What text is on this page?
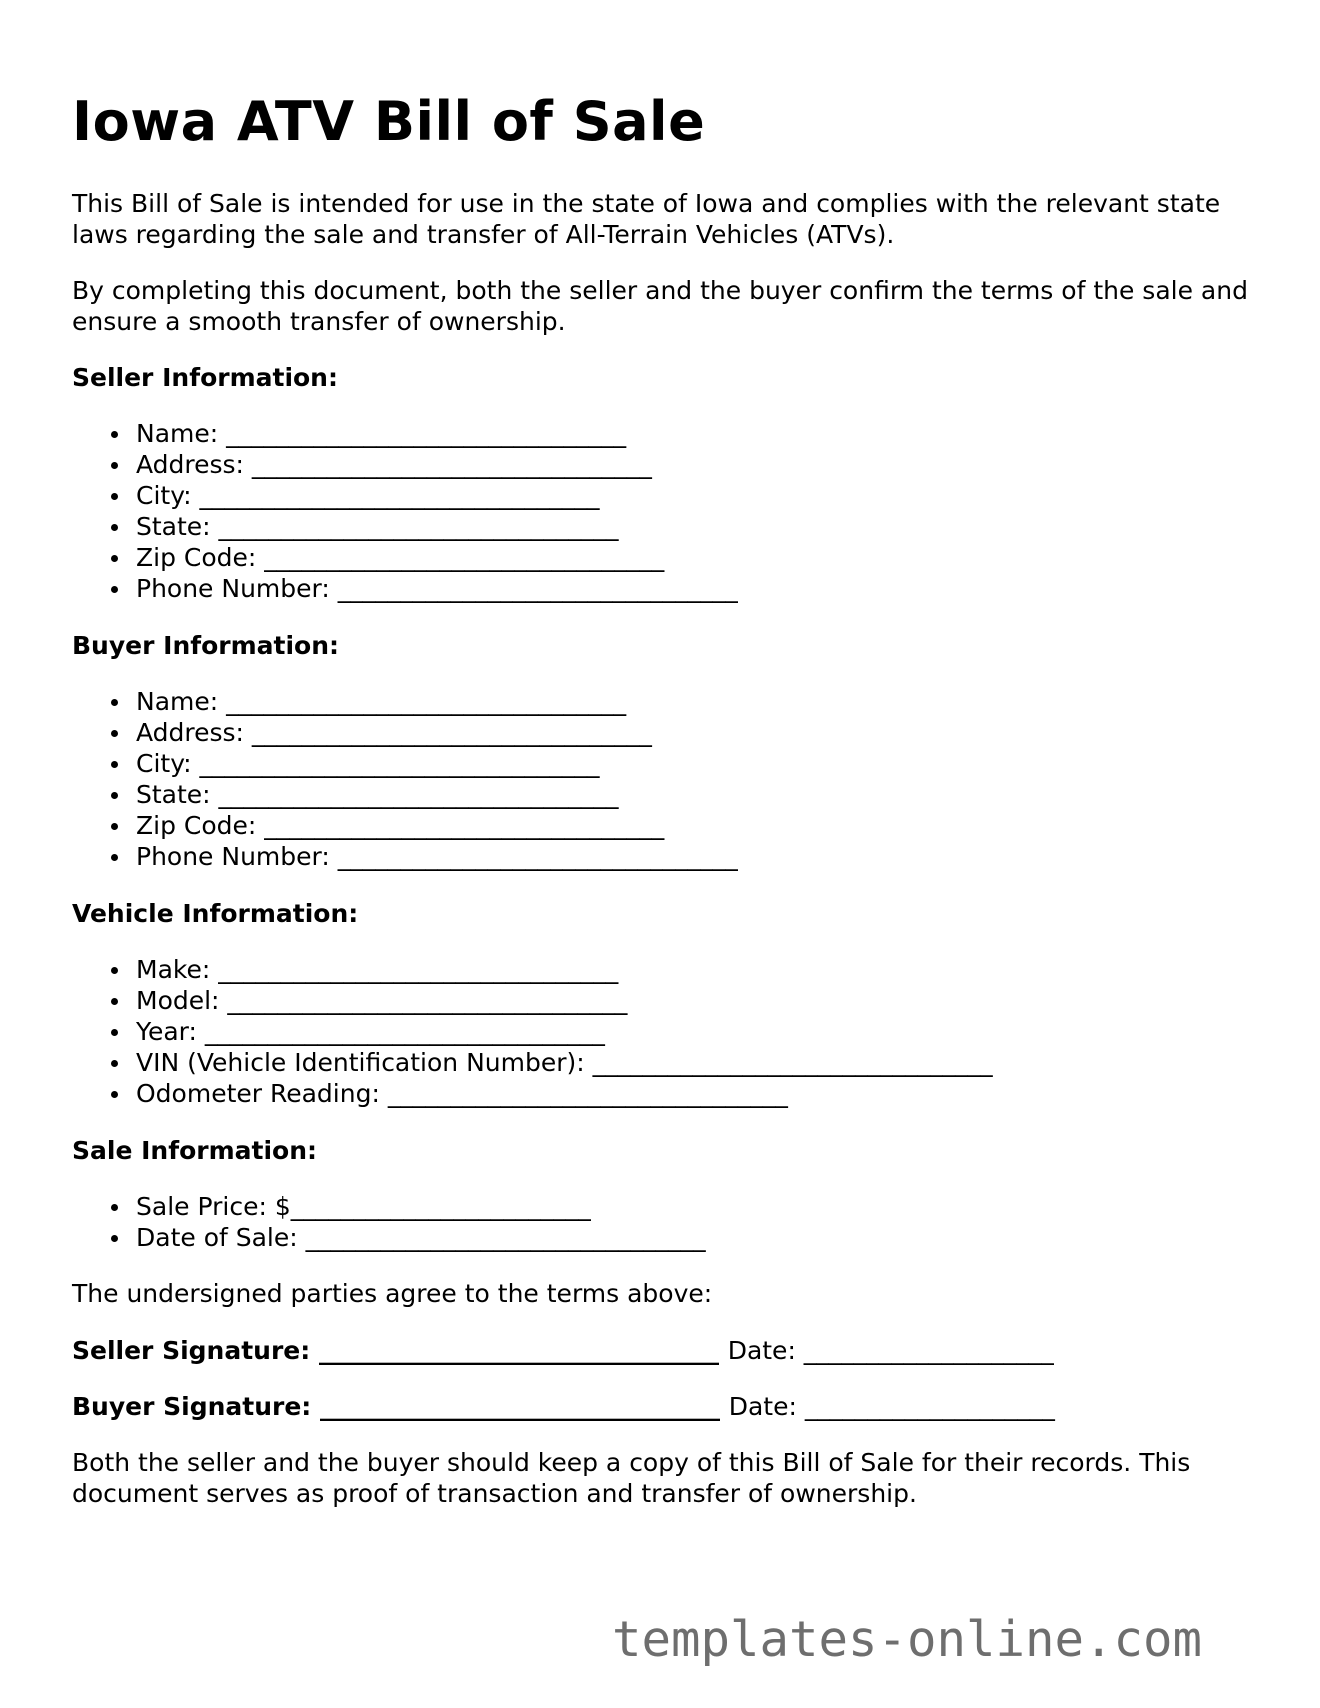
Iowa ATV Bill of Sale

This Bill of Sale is intended for use in the state of Iowa and complies with the relevant state laws regarding the sale and transfer of All-Terrain Vehicles (ATVs).

By completing this document, both the seller and the buyer confirm the terms of the sale and ensure a smooth transfer of ownership.

Seller Information:
Name: ________________________________
Address: ________________________________
City: ________________________________
State: ________________________________
Zip Code: ________________________________
Phone Number: ________________________________
Buyer Information:
Name: ________________________________
Address: ________________________________
City: ________________________________
State: ________________________________
Zip Code: ________________________________
Phone Number: ________________________________
Vehicle Information:
Make: ________________________________
Model: ________________________________
Year: ________________________________
VIN (Vehicle Identification Number): ________________________________
Odometer Reading: ________________________________
Sale Information:
Sale Price: $________________________
Date of Sale: ________________________________

The undersigned parties agree to the terms above:

Seller Signature: ________________________________ Date: ____________________
Buyer Signature: ________________________________ Date: ____________________

Both the seller and the buyer should keep a copy of this Bill of Sale for their records. This document serves as proof of transaction and transfer of ownership.

templates-online.com
